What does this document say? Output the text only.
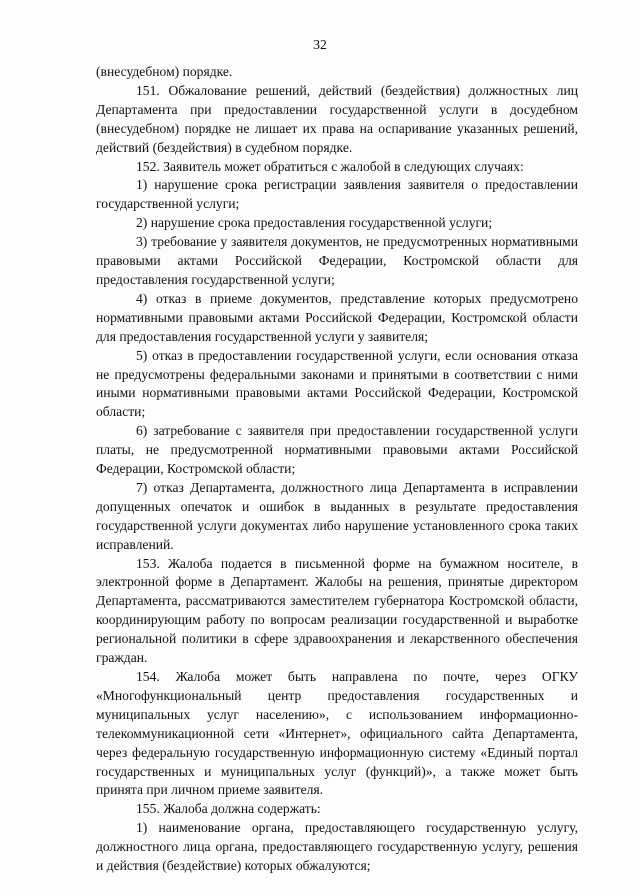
32

(внесудебном) порядке.

151. Обжалование решений, действий (бездействия) должностных лиц Департамента при предоставлении государственной услуги в досудебном (внесудебном) порядке не лишает их права на оспаривание указанных решений, действий (бездействия) в судебном порядке.

152. Заявитель может обратиться с жалобой в следующих случаях:

1) нарушение срока регистрации заявления заявителя о предоставлении государственной услуги;

2) нарушение срока предоставления государственной услуги;

3) требование у заявителя документов, не предусмотренных нормативными правовыми актами Российской Федерации, Костромской области для предоставления государственной услуги;

4) отказ в приеме документов, представление которых предусмотрено нормативными правовыми актами Российской Федерации, Костромской области для предоставления государственной услуги у заявителя;

5) отказ в предоставлении государственной услуги, если основания отказа не предусмотрены федеральными законами и принятыми в соответствии с ними иными нормативными правовыми актами Российской Федерации, Костромской области;

6) затребование с заявителя при предоставлении государственной услуги платы, не предусмотренной нормативными правовыми актами Российской Федерации, Костромской области;

7) отказ Департамента, должностного лица Департамента в исправлении допущенных опечаток и ошибок в выданных в результате предоставления государственной услуги документах либо нарушение установленного срока таких исправлений.

153. Жалоба подается в письменной форме на бумажном носителе, в электронной форме в Департамент. Жалобы на решения, принятые директором Департамента, рассматриваются заместителем губернатора Костромской области, координирующим работу по вопросам реализации государственной и выработке региональной политики в сфере здравоохранения и лекарственного обеспечения граждан.

154. Жалоба может быть направлена по почте, через ОГКУ «Многофункциональный центр предоставления государственных и муниципальных услуг населению», с использованием информационно-телекоммуникационной сети «Интернет», официального сайта Департамента, через федеральную государственную информационную систему «Единый портал государственных и муниципальных услуг (функций)», а также может быть принята при личном приеме заявителя.

155. Жалоба должна содержать:

1) наименование органа, предоставляющего государственную услугу, должностного лица органа, предоставляющего государственную услугу, решения и действия (бездействие) которых обжалуются;
